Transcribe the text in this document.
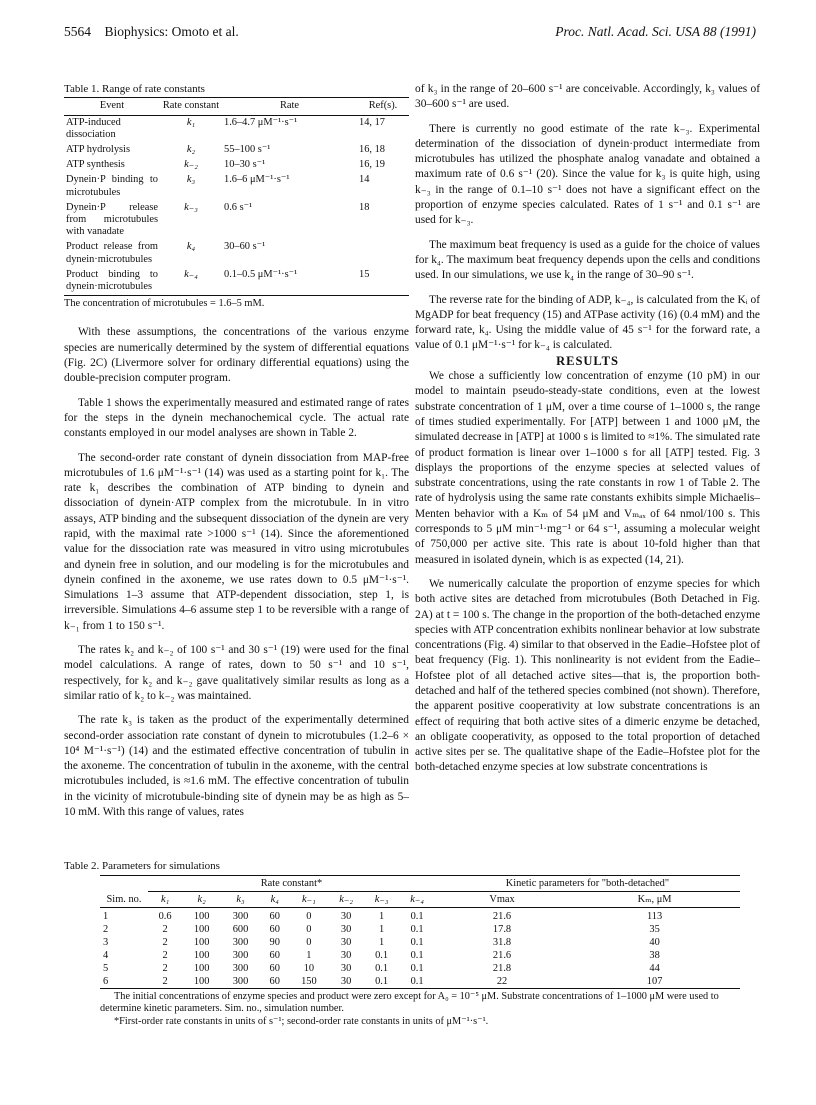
5564 Biophysics: Omoto et al.	Proc. Natl. Acad. Sci. USA 88 (1991)

Table 1. Range of rate constants

Event	Rate constant	Rate	Ref(s).
ATP-induced dissociation	k₁	1.6–4.7 μM⁻¹·s⁻¹	14, 17
ATP hydrolysis	k₂	55–100 s⁻¹	16, 18
ATP synthesis	k₋₂	10–30 s⁻¹	16, 19
Dynein·P binding to microtubules	k₃	1.6–6 μM⁻¹·s⁻¹	14
Dynein·P release from microtubules with vanadate	k₋₃	0.6 s⁻¹	18
Product release from dynein·microtubules	k₄	30–60 s⁻¹	
Product binding to dynein·microtubules	k₋₄	0.1–0.5 μM⁻¹·s⁻¹	15

The concentration of microtubules = 1.6–5 mM.

With these assumptions, the concentrations of the various enzyme species are numerically determined by the system of differential equations (Fig. 2C) (Livermore solver for ordinary differential equations) using the double-precision computer program.

Table 1 shows the experimentally measured and estimated range of rates for the steps in the dynein mechanochemical cycle. The actual rate constants employed in our model analyses are shown in Table 2.

The second-order rate constant of dynein dissociation from MAP-free microtubules of 1.6 μM⁻¹·s⁻¹ (14) was used as a starting point for k₁. The rate k₁ describes the combination of ATP binding to dynein and dissociation of dynein·ATP complex from the microtubule. In in vitro assays, ATP binding and the subsequent dissociation of the dynein are very rapid, with the maximal rate >1000 s⁻¹ (14). Since the aforementioned value for the dissociation rate was measured in vitro using microtubules and dynein free in solution, and our modeling is for the microtubules and dynein confined in the axoneme, we use rates down to 0.5 μM⁻¹·s⁻¹. Simulations 1–3 assume that ATP-dependent dissociation, step 1, is irreversible. Simulations 4–6 assume step 1 to be reversible with a range of k₋₁ from 1 to 150 s⁻¹.

The rates k₂ and k₋₂ of 100 s⁻¹ and 30 s⁻¹ (19) were used for the final model calculations. A range of rates, down to 50 s⁻¹ and 10 s⁻¹, respectively, for k₂ and k₋₂ gave qualitatively similar results as long as a similar ratio of k₂ to k₋₂ was maintained.

The rate k₃ is taken as the product of the experimentally determined second-order association rate constant of dynein to microtubules (1.2–6 × 10⁴ M⁻¹·s⁻¹) (14) and the estimated effective concentration of tubulin in the axoneme. The concentration of tubulin in the axoneme, with the central microtubules included, is ≈1.6 mM. The effective concentration of tubulin in the vicinity of microtubule-binding site of dynein may be as high as 5–10 mM. With this range of values, rates

of k₃ in the range of 20–600 s⁻¹ are conceivable. Accordingly, k₃ values of 30–600 s⁻¹ are used.

There is currently no good estimate of the rate k₋₃. Experimental determination of the dissociation of dynein·product intermediate from microtubules has utilized the phosphate analog vanadate and obtained a maximum rate of 0.6 s⁻¹ (20). Since the value for k₃ is quite high, using k₋₃ in the range of 0.1–10 s⁻¹ does not have a significant effect on the proportion of enzyme species calculated. Rates of 1 s⁻¹ and 0.1 s⁻¹ are used for k₋₃.

The maximum beat frequency is used as a guide for the choice of values for k₄. The maximum beat frequency depends upon the cells and conditions used. In our simulations, we use k₄ in the range of 30–90 s⁻¹.

The reverse rate for the binding of ADP, k₋₄, is calculated from the Kᵢ of MgADP for beat frequency (15) and ATPase activity (16) (0.4 mM) and the forward rate, k₄. Using the middle value of 45 s⁻¹ for the forward rate, a value of 0.1 μM⁻¹·s⁻¹ for k₋₄ is calculated.

RESULTS

We chose a sufficiently low concentration of enzyme (10 pM) in our model to maintain pseudo-steady-state conditions, even at the lowest substrate concentration of 1 μM, over a time course of 1–1000 s, the range of times studied experimentally. For [ATP] between 1 and 1000 μM, the simulated decrease in [ATP] at 1000 s is limited to ≈1%. The simulated rate of product formation is linear over 1–1000 s for all [ATP] tested. Fig. 3 displays the proportions of the enzyme species at selected values of substrate concentrations, using the rate constants in row 1 of Table 2. The rate of hydrolysis using the same rate constants exhibits simple Michaelis–Menten behavior with a Kₘ of 54 μM and Vₘₐₓ of 64 nmol/100 s. This corresponds to 5 μM min⁻¹·mg⁻¹ or 64 s⁻¹, assuming a molecular weight of 750,000 per active site. This rate is about 10-fold higher than that measured in isolated dynein, which is as expected (14, 21).

We numerically calculate the proportion of enzyme species for which both active sites are detached from microtubules (Both Detached in Fig. 2A) at t = 100 s. The change in the proportion of the both-detached enzyme species with ATP concentration exhibits nonlinear behavior at low substrate concentrations (Fig. 4) similar to that observed in the Eadie–Hofstee plot of beat frequency (Fig. 1). This nonlinearity is not evident from the Eadie–Hofstee plot of all detached active sites—that is, the proportion both-detached and half of the tethered species combined (not shown). Therefore, the apparent positive cooperativity at low substrate concentrations is an effect of requiring that both active sites of a dimeric enzyme be detached, an obligate cooperativity, as opposed to the total proportion of detached active sites per se. The qualitative shape of the Eadie–Hofstee plot for the both-detached enzyme species at low substrate concentrations is

Table 2. Parameters for simulations

Sim. no.	Rate constant*								Kinetic parameters for "both-detached"	
	k₁	k₂	k₃	k₄	k₋₁	k₋₂	k₋₃	k₋₄	Vmax	Kₘ, μM
1	0.6	100	300	60	0	30	1	0.1	21.6	113
2	2	100	600	60	0	30	1	0.1	17.8	35
3	2	100	300	90	0	30	1	0.1	31.8	40
4	2	100	300	60	1	30	0.1	0.1	21.6	38
5	2	100	300	60	10	30	0.1	0.1	21.8	44
6	2	100	300	60	150	30	0.1	0.1	22	107

The initial concentrations of enzyme species and product were zero except for A₀ = 10⁻⁵ μM. Substrate concentrations of 1–1000 μM were used to determine kinetic parameters. Sim. no., simulation number.

*First-order rate constants in units of s⁻¹; second-order rate constants in units of μM⁻¹·s⁻¹.
